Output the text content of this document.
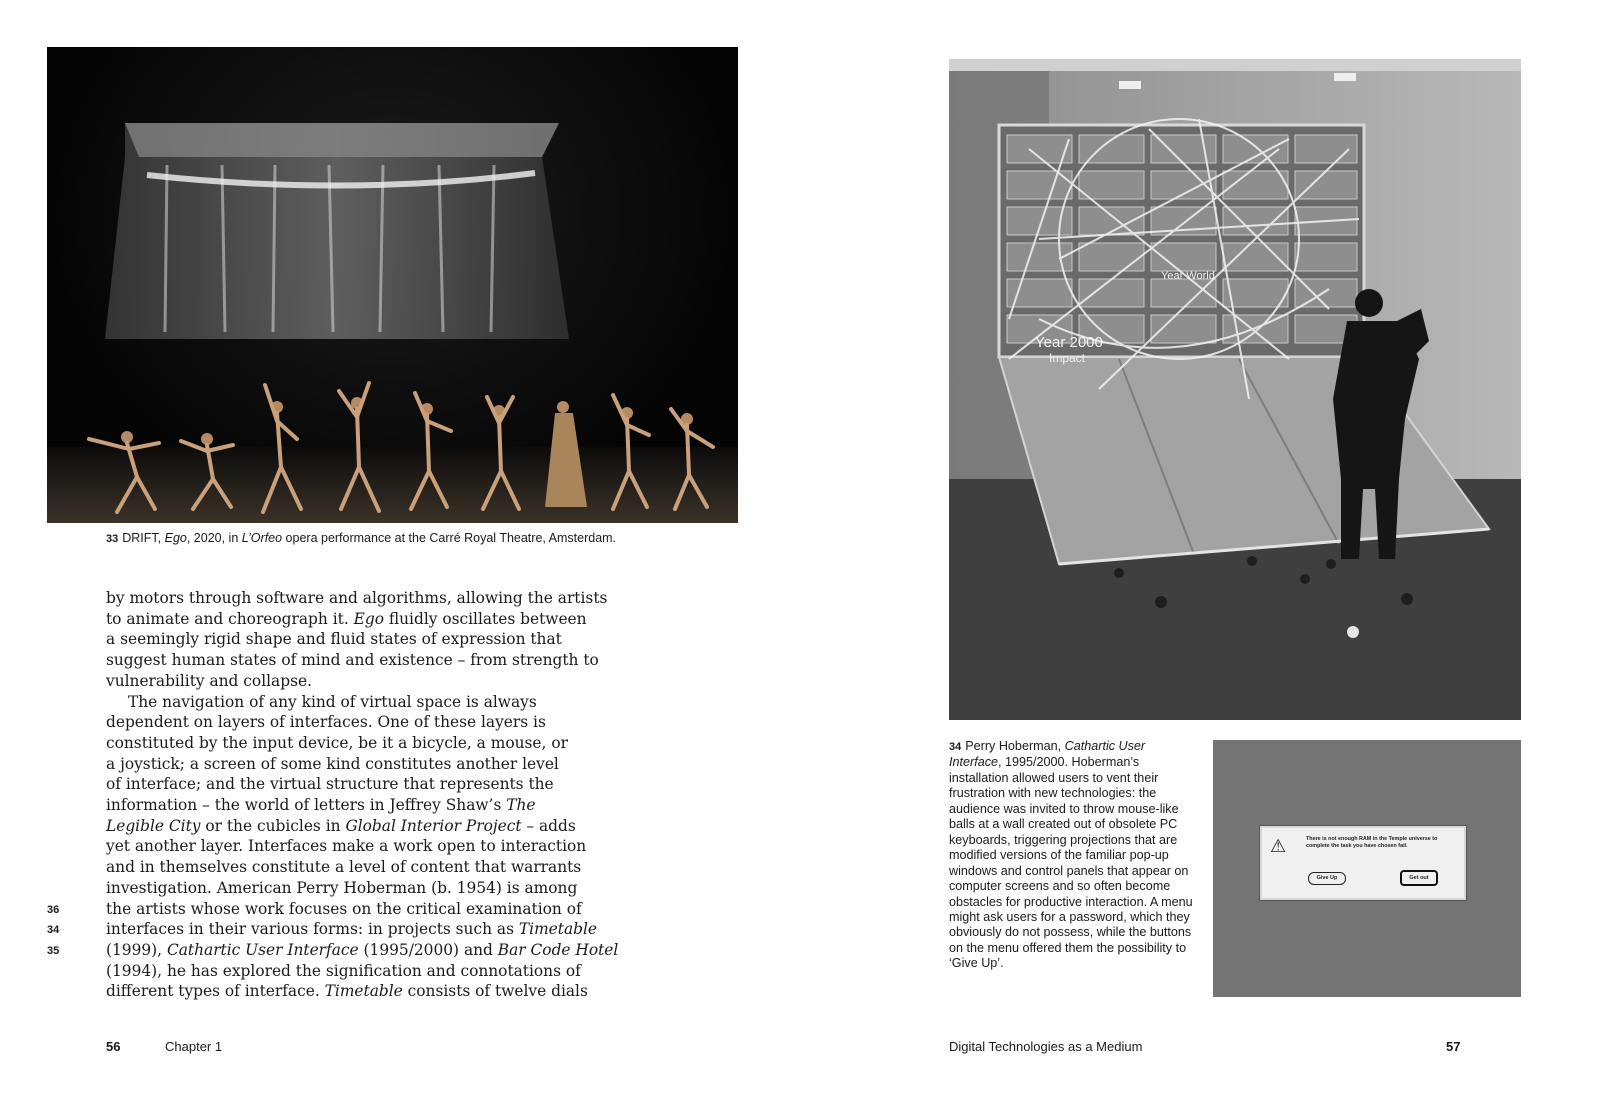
33 DRIFT, Ego, 2020, in L’Orfeo opera performance at the Carré Royal Theatre, Amsterdam.

by motors through software and algorithms, allowing the artists

to animate and choreograph it. Ego fluidly oscillates between

a seemingly rigid shape and fluid states of expression that

suggest human states of mind and existence – from strength to

vulnerability and collapse.

The navigation of any kind of virtual space is always

dependent on layers of interfaces. One of these layers is

constituted by the input device, be it a bicycle, a mouse, or

a joystick; a screen of some kind constitutes another level

of interface; and the virtual structure that represents the

information – the world of letters in Jeffrey Shaw’s The

Legible City or the cubicles in Global Interior Project – adds

yet another layer. Interfaces make a work open to interaction

and in themselves constitute a level of content that warrants

investigation. American Perry Hoberman (b. 1954) is among

the artists whose work focuses on the critical examination of

interfaces in their various forms: in projects such as Timetable

(1999), Cathartic User Interface (1995/2000) and Bar Code Hotel

(1994), he has explored the signification and connotations of

different types of interface. Timetable consists of twelve dials

36
34
35
56	Chapter 1
Year 2000
Impact
Year World
34 Perry Hoberman, Cathartic User Interface, 1995/2000. Hoberman’s installation allowed users to vent their frustration with new technologies: the audience was invited to throw mouse-like balls at a wall created out of obsolete PC keyboards, triggering projections that are modified versions of the familiar pop-up windows and control panels that appear on computer screens and so often become obstacles for productive interaction. A menu might ask users for a password, which they obviously do not possess, while the buttons on the menu offered them the possibility to ‘Give Up’.
⚠	There is not enough RAM in the Temple universe to complete the task you have chosen fail.
Give Up	Get out
Digital Technologies as a Medium	57
